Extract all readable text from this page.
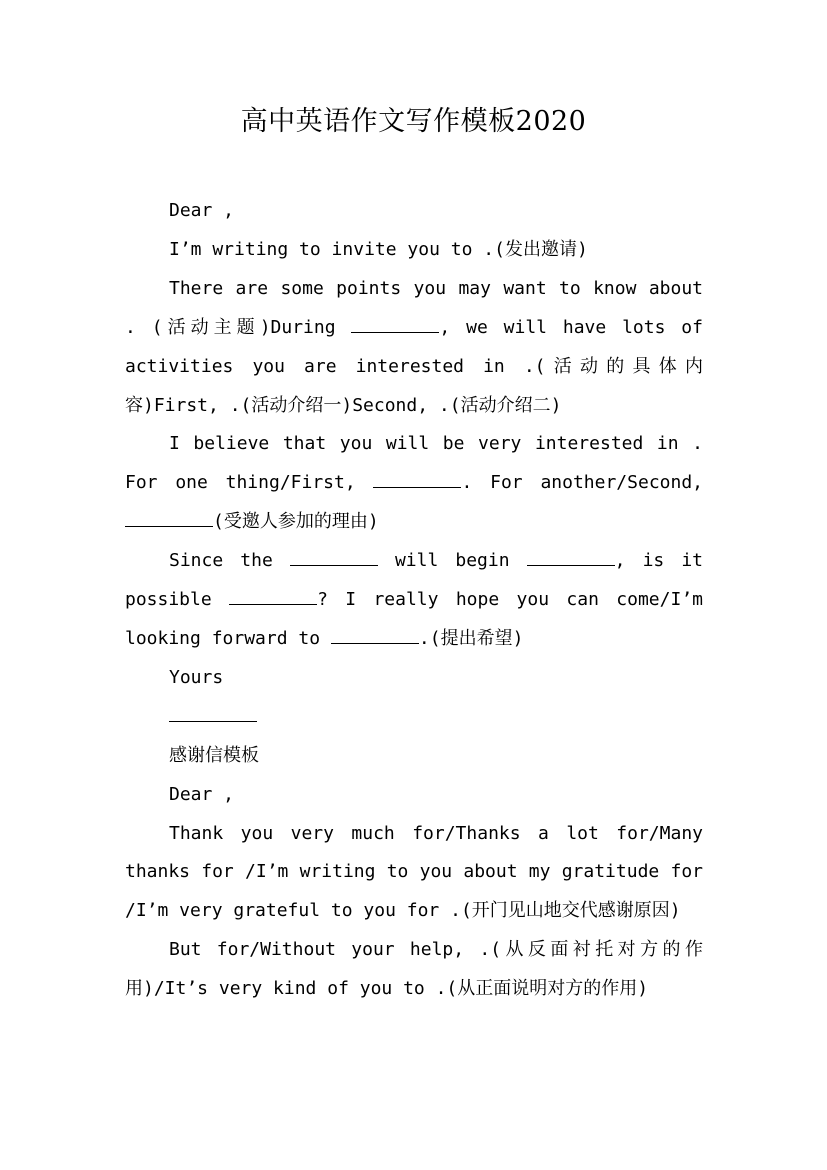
高中英语作文写作模板2020

Dear ,

I’m writing to invite you to .(发出邀请)

There are some points you may want to know about . (活动主题)During	, we will have lots of activities you are interested in .(活动的具体内容)First, .(活动介绍一)Second, .(活动介绍二)

I believe that you will be very interested in . For one thing/First,	. For another/Second, (受邀人参加的理由)

Since the	will begin	, is it possible	? I really hope you can come/I’m looking forward to	.(提出希望)

Yours

感谢信模板

Dear ,

Thank you very much for/Thanks a lot for/Many thanks for /I’m writing to you about my gratitude for /I’m very grateful to you for .(开门见山地交代感谢原因)

But for/Without your help, .(从反面衬托对方的作用)/It’s very kind of you to .(从正面说明对方的作用)
